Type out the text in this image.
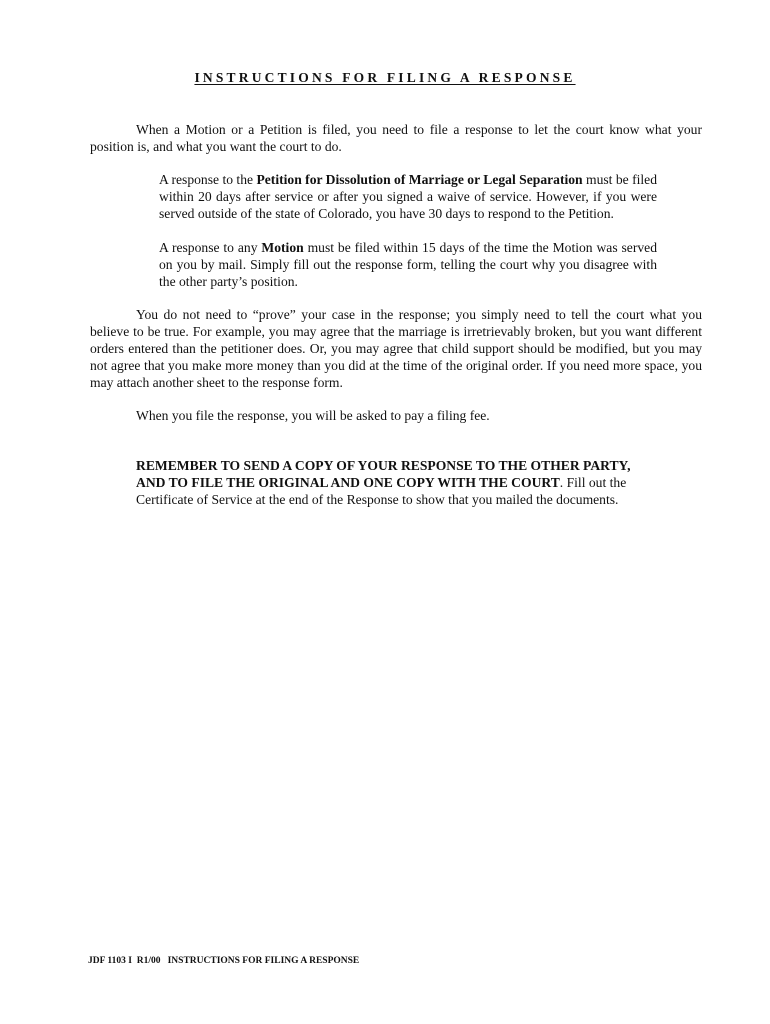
INSTRUCTIONS FOR FILING A RESPONSE

When a Motion or a Petition is filed, you need to file a response to let the court know what your position is, and what you want the court to do.

A response to the Petition for Dissolution of Marriage or Legal Separation must be filed within 20 days after service or after you signed a waive of service. However, if you were served outside of the state of Colorado, you have 30 days to respond to the Petition.

A response to any Motion must be filed within 15 days of the time the Motion was served on you by mail. Simply fill out the response form, telling the court why you disagree with the other party’s position.

You do not need to “prove” your case in the response; you simply need to tell the court what you believe to be true. For example, you may agree that the marriage is irretrievably broken, but you want different orders entered than the petitioner does. Or, you may agree that child support should be modified, but you may not agree that you make more money than you did at the time of the original order. If you need more space, you may attach another sheet to the response form.

When you file the response, you will be asked to pay a filing fee.

REMEMBER TO SEND A COPY OF YOUR RESPONSE TO THE OTHER PARTY,
AND TO FILE THE ORIGINAL AND ONE COPY WITH THE COURT. Fill out the Certificate of Service at the end of the Response to show that you mailed the documents.

JDF 1103 I  R1/00   INSTRUCTIONS FOR FILING A RESPONSE
